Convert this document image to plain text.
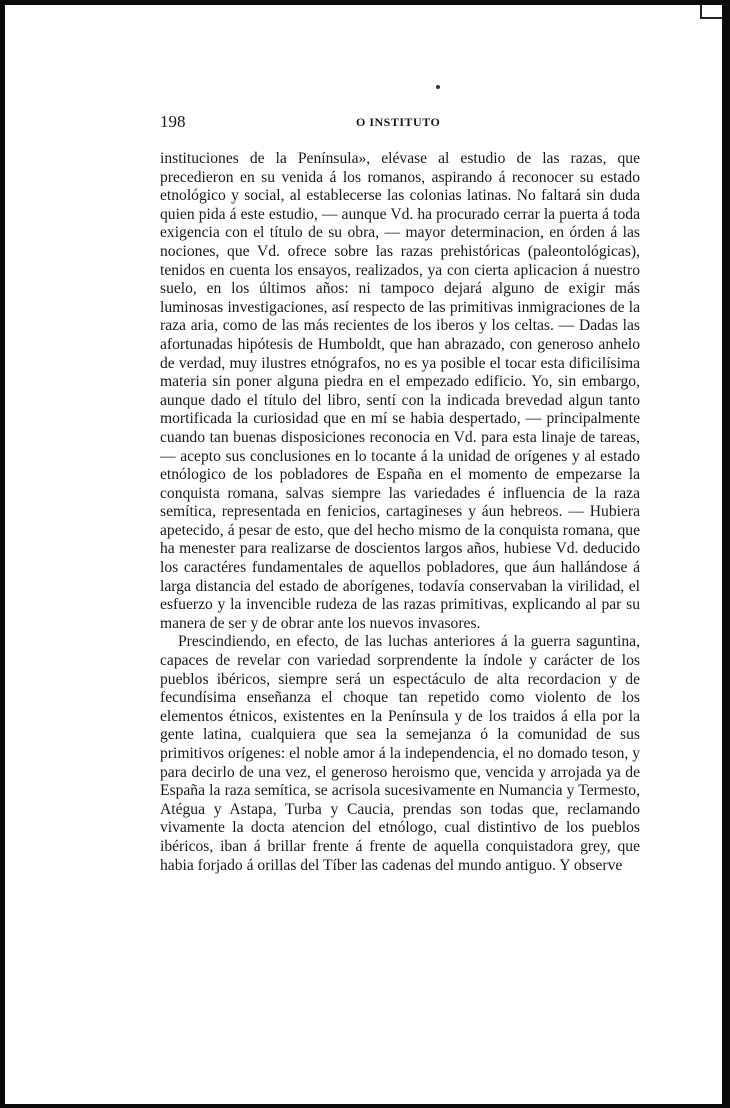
198	O INSTITUTO

instituciones de la Península», elévase al estudio de las razas, que precedieron en su venida á los romanos, aspirando á reconocer su estado etnológico y social, al establecerse las colonias latinas. No faltará sin duda quien pida á este estudio, — aunque Vd. ha procurado cerrar la puerta á toda exigencia con el título de su obra, — mayor determinacion, en órden á las nociones, que Vd. ofrece sobre las razas prehistóricas (paleontológicas), tenidos en cuenta los ensayos, realizados, ya con cierta aplicacion á nuestro suelo, en los últimos años: ni tampoco dejará alguno de exigir más luminosas investigaciones, así respecto de las primitivas inmigraciones de la raza aria, como de las más recientes de los iberos y los celtas. — Dadas las afortunadas hipótesis de Humboldt, que han abrazado, con generoso anhelo de verdad, muy ilustres etnógrafos, no es ya posible el tocar esta dificilísima materia sin poner alguna piedra en el empezado edificio. Yo, sin embargo, aunque dado el título del libro, sentí con la indicada brevedad algun tanto mortificada la curiosidad que en mí se habia despertado, — principalmente cuando tan buenas disposiciones reconocia en Vd. para esta linaje de tareas, — acepto sus conclusiones en lo tocante á la unidad de orígenes y al estado etnólogico de los pobladores de España en el momento de empezarse la conquista romana, salvas siempre las variedades é influencia de la raza semítica, representada en fenicios, cartagineses y áun hebreos. — Hubiera apetecido, á pesar de esto, que del hecho mismo de la conquista romana, que ha menester para realizarse de doscientos largos años, hubiese Vd. deducido los caractéres fundamentales de aquellos pobladores, que áun hallándose á larga distancia del estado de aborígenes, todavía conservaban la virilidad, el esfuerzo y la invencible rudeza de las razas primitivas, explicando al par su manera de ser y de obrar ante los nuevos invasores.

Prescindiendo, en efecto, de las luchas anteriores á la guerra saguntina, capaces de revelar con variedad sorprendente la índole y carácter de los pueblos ibéricos, siempre será un espectáculo de alta recordacion y de fecundísima enseñanza el choque tan repetido como violento de los elementos étnicos, existentes en la Península y de los traidos á ella por la gente latina, cualquiera que sea la semejanza ó la comunidad de sus primitivos orígenes: el noble amor á la independencia, el no domado teson, y para decirlo de una vez, el generoso heroismo que, vencida y arrojada ya de España la raza semítica, se acrisola sucesivamente en Numancia y Termesto, Atégua y Astapa, Turba y Caucia, prendas son todas que, reclamando vivamente la docta atencion del etnólogo, cual distintivo de los pueblos ibéricos, iban á brillar frente á frente de aquella conquistadora grey, que habia forjado á orillas del Tíber las cadenas del mundo antiguo. Y observe
